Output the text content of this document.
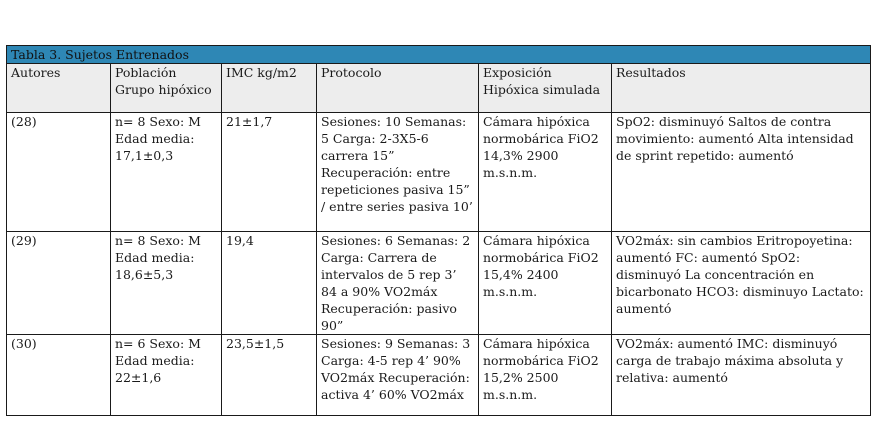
Tabla 3. Sujetos Entrenados					
Autores	Población Grupo hipóxico	IMC kg/m2	Protocolo	Exposición Hipóxica simulada	Resultados
(28)	n= 8 Sexo: M Edad media: 17,1±0,3	21±1,7	Sesiones: 10 Semanas: 5 Carga: 2-3X5-6 carrera 15” Recuperación: entre repeticiones pasiva 15” / entre series pasiva 10’	Cámara hipóxica normobárica FiO2 14,3% 2900 m.s.n.m.	SpO2: disminuyó Saltos de contra movimiento: aumentó Alta intensidad de sprint repetido: aumentó
(29)	n= 8 Sexo: M Edad media: 18,6±5,3	19,4	Sesiones: 6 Semanas: 2 Carga: Carrera de intervalos de 5 rep 3’ 84 a 90% VO2máx Recuperación: pasivo 90”	Cámara hipóxica normobárica FiO2 15,4% 2400 m.s.n.m.	VO2máx: sin cambios Eritropoyetina: aumentó FC: aumentó SpO2: disminuyó La concentración en bicarbonato HCO3: disminuyo Lactato: aumentó
(30)	n= 6 Sexo: M Edad media: 22±1,6	23,5±1,5	Sesiones: 9 Semanas: 3 Carga: 4-5 rep 4’ 90% VO2máx Recuperación: activa 4’ 60% VO2máx	Cámara hipóxica normobárica FiO2 15,2% 2500 m.s.n.m.	VO2máx: aumentó IMC: disminuyó carga de trabajo máxima absoluta y relativa: aumentó
